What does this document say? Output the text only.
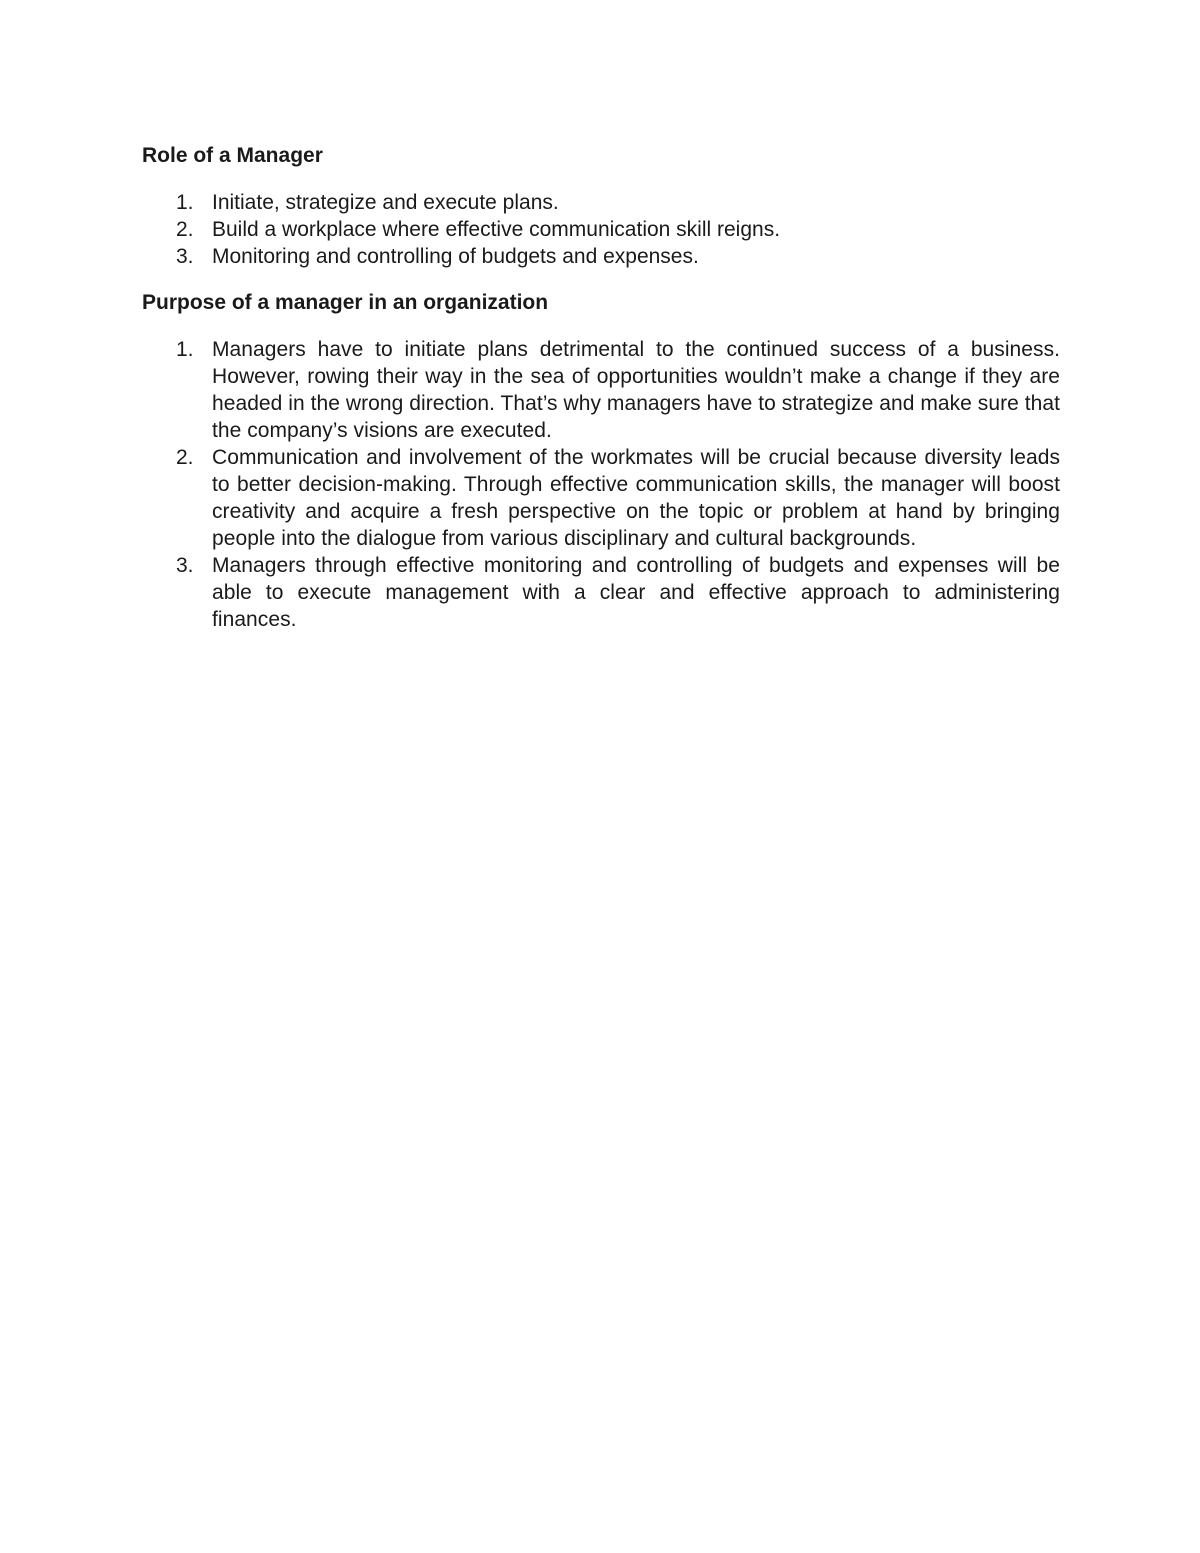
Role of a Manager
1. Initiate, strategize and execute plans.
2. Build a workplace where effective communication skill reigns.
3. Monitoring and controlling of budgets and expenses.
Purpose of a manager in an organization
1. Managers have to initiate plans detrimental to the continued success of a business. However, rowing their way in the sea of opportunities wouldn’t make a change if they are headed in the wrong direction. That’s why managers have to strategize and make sure that the company’s visions are executed.
2. Communication and involvement of the workmates will be crucial because diversity leads to better decision-making. Through effective communication skills, the manager will boost creativity and acquire a fresh perspective on the topic or problem at hand by bringing people into the dialogue from various disciplinary and cultural backgrounds.
3. Managers through effective monitoring and controlling of budgets and expenses will be able to execute management with a clear and effective approach to administering finances.
